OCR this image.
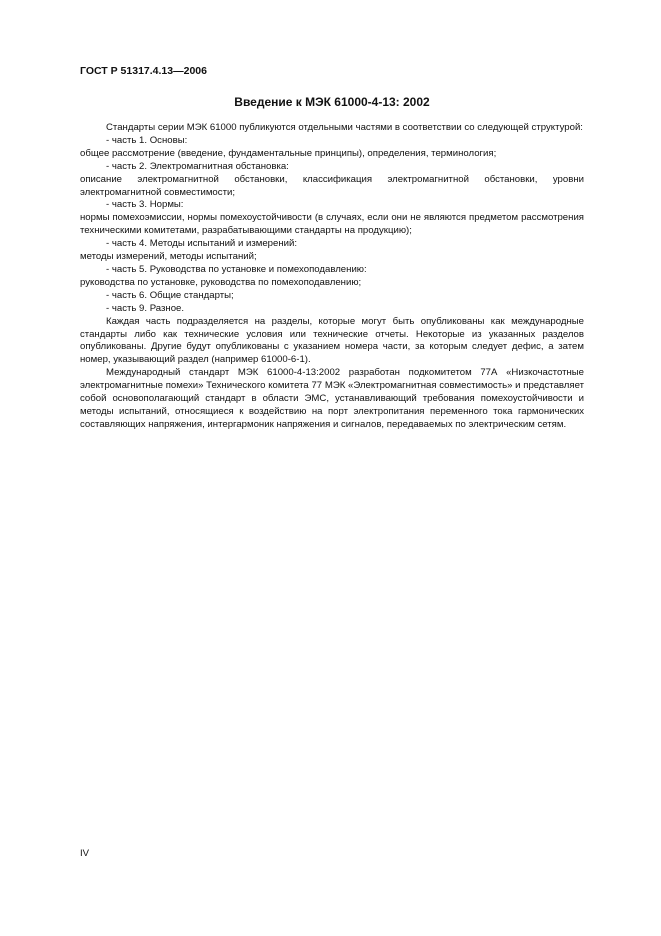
ГОСТ Р 51317.4.13—2006
Введение к МЭК 61000-4-13: 2002

Стандарты серии МЭК 61000 публикуются отдельными частями в соответствии со следующей структурой:

- часть 1. Основы:

общее рассмотрение (введение, фундаментальные принципы), определения, терминология;

- часть 2. Электромагнитная обстановка:

описание электромагнитной обстановки, классификация электромагнитной обстановки, уровни электромагнитной совместимости;

- часть 3. Нормы:

нормы помехоэмиссии, нормы помехоустойчивости (в случаях, если они не являются предметом рассмотрения техническими комитетами, разрабатывающими стандарты на продукцию);

- часть 4. Методы испытаний и измерений:

методы измерений, методы испытаний;

- часть 5. Руководства по установке и помехоподавлению:

руководства по установке, руководства по помехоподавлению;

- часть 6. Общие стандарты;

- часть 9. Разное.

Каждая часть подразделяется на разделы, которые могут быть опубликованы как международные стандарты либо как технические условия или технические отчеты. Некоторые из указанных разделов опубликованы. Другие будут опубликованы с указанием номера части, за которым следует дефис, а затем номер, указывающий раздел (например 61000-6-1).

Международный стандарт МЭК 61000-4-13:2002 разработан подкомитетом 77А «Низкочастотные электромагнитные помехи» Технического комитета 77 МЭК «Электромагнитная совместимость» и представляет собой основополагающий стандарт в области ЭМС, устанавливающий требования помехоустойчивости и методы испытаний, относящиеся к воздействию на порт электропитания переменного тока гармонических составляющих напряжения, интергармоник напряжения и сигналов, передаваемых по электрическим сетям.

IV
